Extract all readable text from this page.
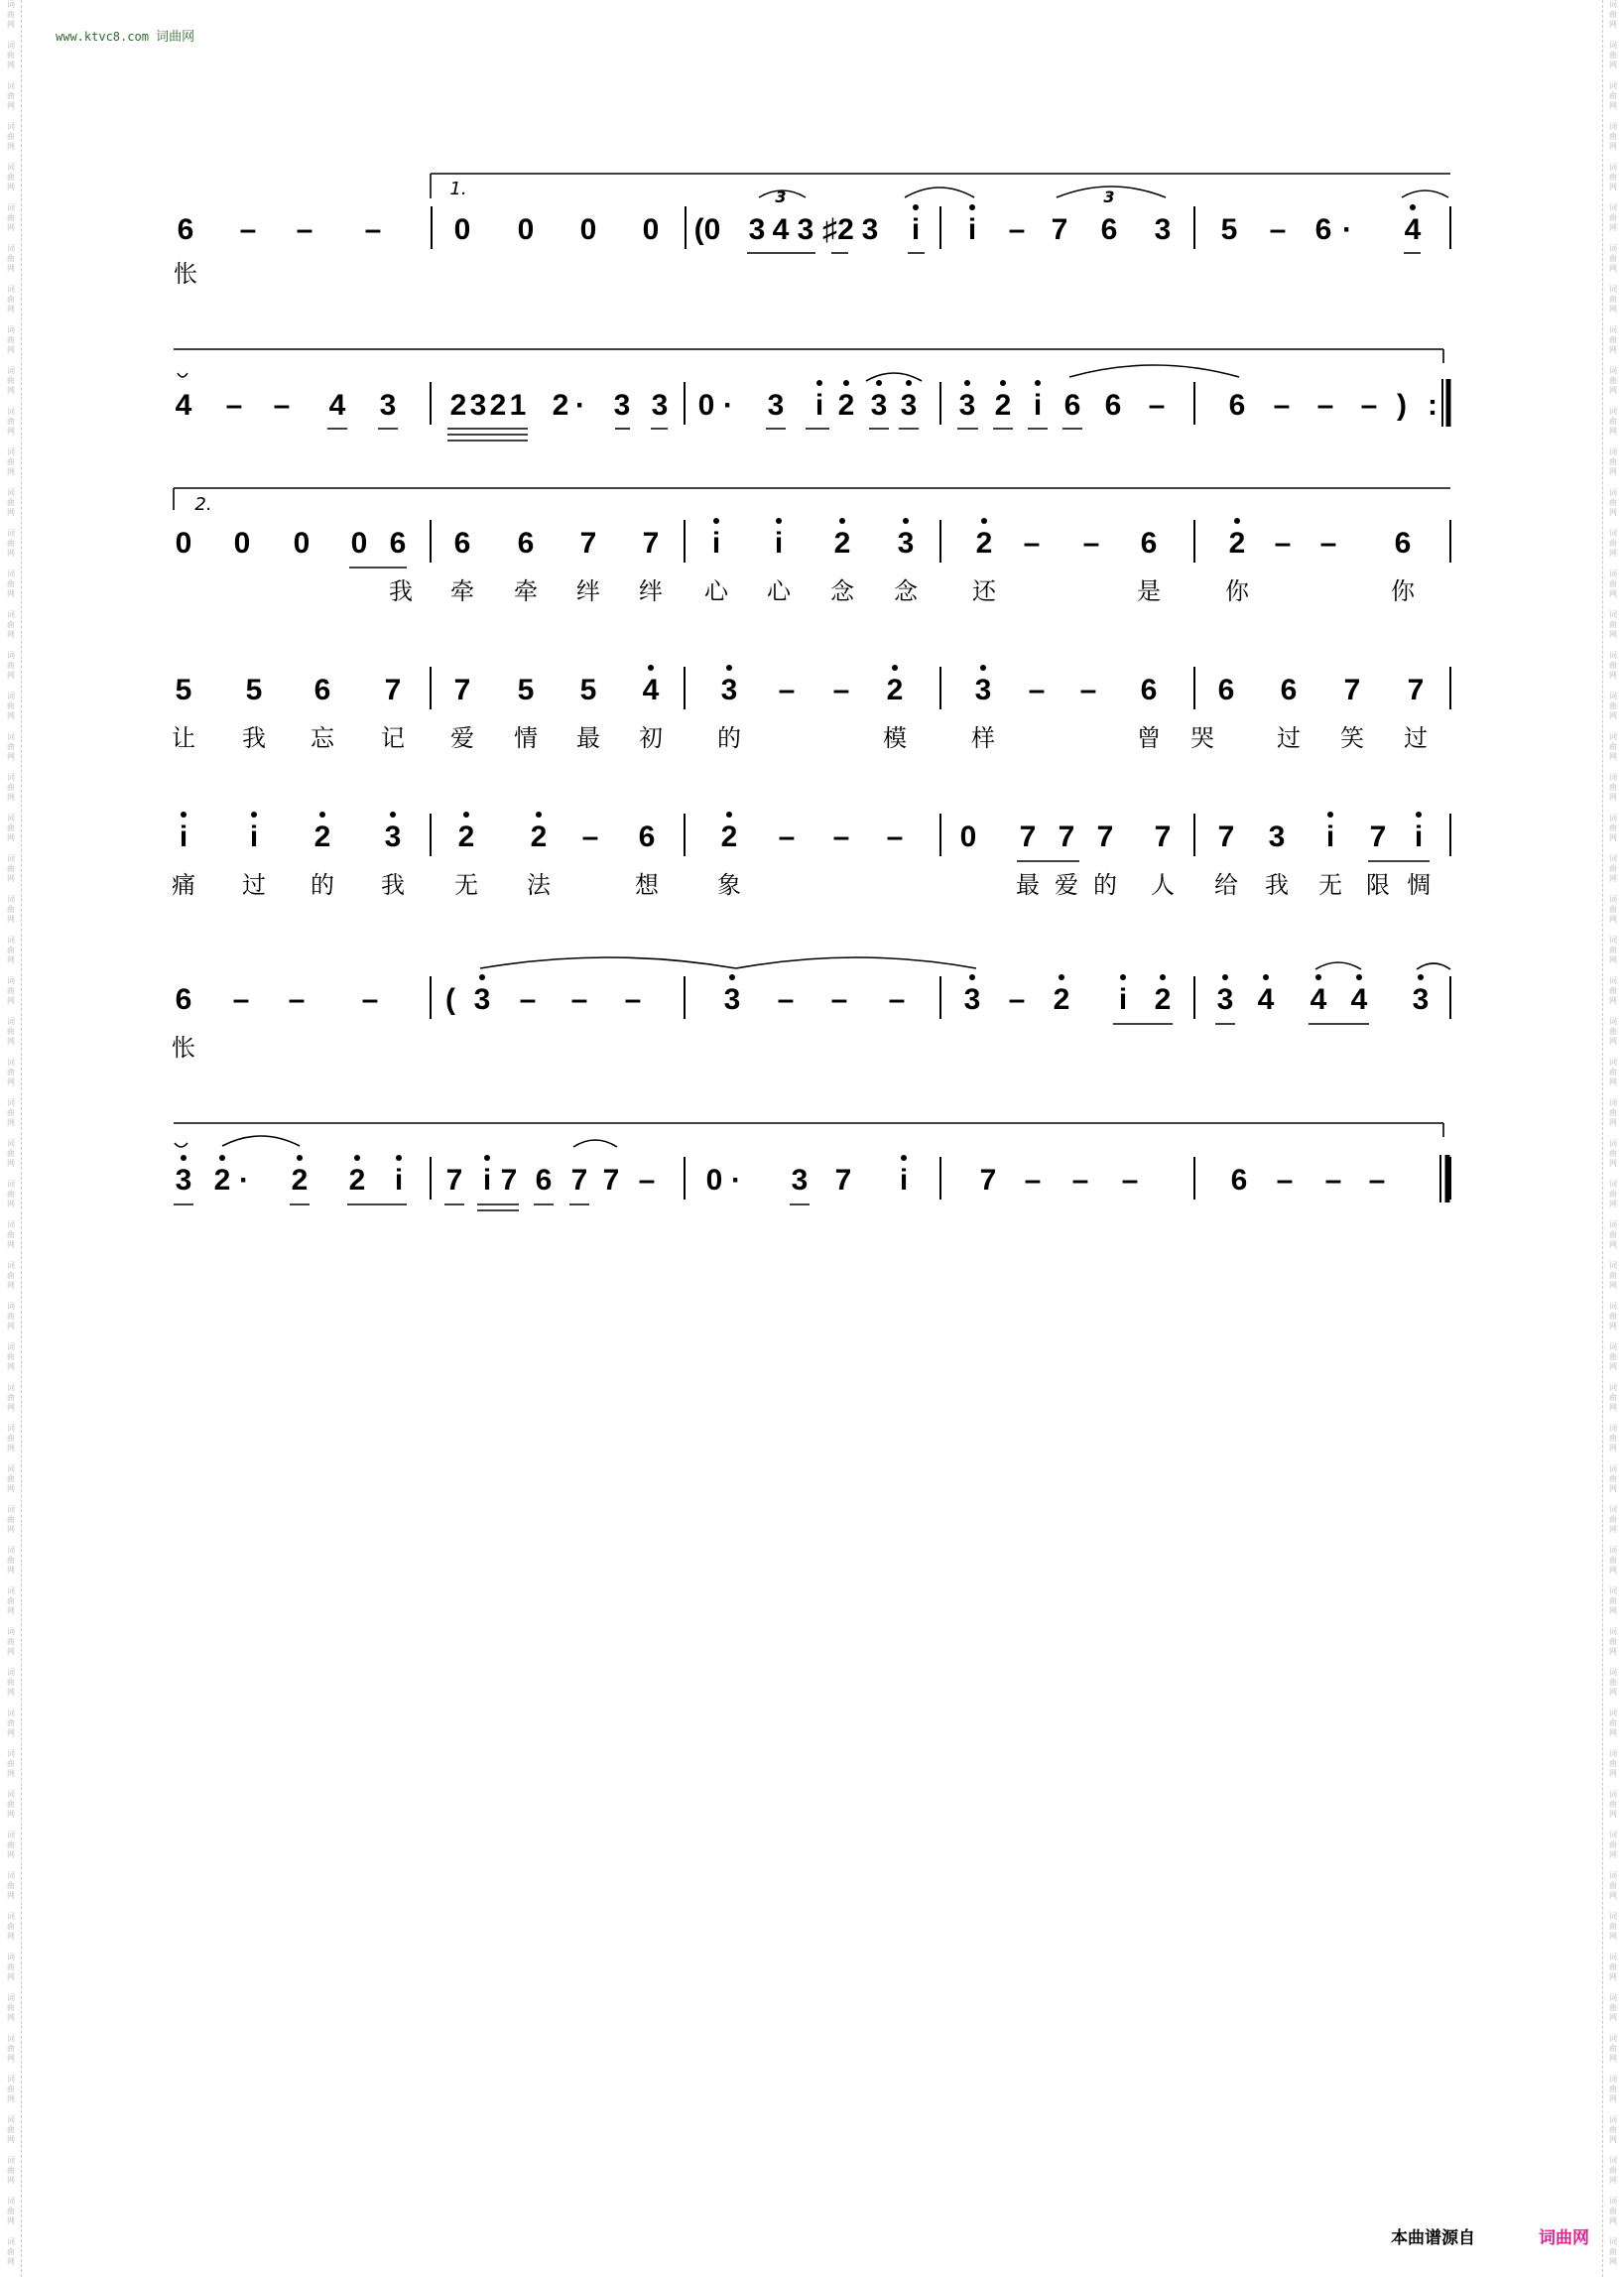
词
曲
网
词
曲
网
词
曲
网
词
曲
网
词
曲
网
词
曲
网
词
曲
网
词
曲
网
词
曲
网
词
曲
网
词
曲
网
词
曲
网
词
曲
网
词
曲
网
词
曲
网
词
曲
网
词
曲
网
词
曲
网
词
曲
网
词
曲
网
词
曲
网
词
曲
网
词
曲
网
词
曲
网
词
曲
网
词
曲
网
词
曲
网
词
曲
网
词
曲
网
词
曲
网
词
曲
网
词
曲
网
词
曲
网
词
曲
网
词
曲
网
词
曲
网
词
曲
网
词
曲
网
词
曲
网
词
曲
网
词
曲
网
词
曲
网
词
曲
网
词
曲
网
词
曲
网
词
曲
网
词
曲
网
词
曲
网
词
曲
网
词
曲
网
词
曲
网
词
曲
网
词
曲
网
词
曲
网
词
曲
网
词
曲
网
词
曲
网
词
曲
网
词
曲
网
词
曲
网
词
曲
网
词
曲
网
词
曲
网
词
曲
网
词
曲
网
词
曲
网
词
曲
网
词
曲
网
词
曲
网
词
曲
网
词
曲
网
词
曲
网
词
曲
网
词
曲
网
词
曲
网
词
曲
网
词
曲
网
词
曲
网
词
曲
网
词
曲
网
词
曲
网
词
曲
网
词
曲
网
词
曲
网
词
曲
网
词
曲
网
词
曲
网
词
曲
网
词
曲
网
词
曲
网
词
曲
网
词
曲
网
词
曲
网
词
曲
网
词
曲
网
词
曲
网
词
曲
网
词
曲
网
词
曲
网
词
曲
网
词
曲
网
词
曲
网
词
曲
网
词
曲
网
词
曲
网
词
曲
网
词
曲
网
词
曲
网
词
曲
网
词
曲
网
词
曲
网
词
曲
网
www.ktvc8.com 词曲网
6 – – – 0 0 0 0 (0 3 4 3 ♯2 3 i i – 7 6 3 5 – 6 · 4
怅
4 – – 4 3 2 3 2 1 2 · 3 3 0 · 3 i 2 3 3 3 2 i 6 6 – 6 – – – ) :
0 0 0 0 6 6 6 7 7 i i 2 3 2 – – 6 2 – – 6
我 牵 牵 绊 绊 心 心 念 念 还	是	你	你
5 5 6 7 7 5 5 4 3 – – 2 3 – – 6 6 6 7 7
让 我 忘 记 爱 情 最 初 的	模	样	曾 哭	过 笑 过
i i 2 3 2 2 – 6 2 – – – 0 7 7 7 7 7 3 i 7 i
痛 过 的 我 无 法	想 象	最 爱 的 人 给 我 无 限 惆
6 – – – ( 3 – – –	3 – – – 3 – 2 i 2 3 4 4 4 3
怅
3 2 · 2 2 i 7 i 7 6 7 7 – 0 · 3 7 i 7 – – –	6 – – –
1.	3	3
2.
本曲谱源自	词曲网
